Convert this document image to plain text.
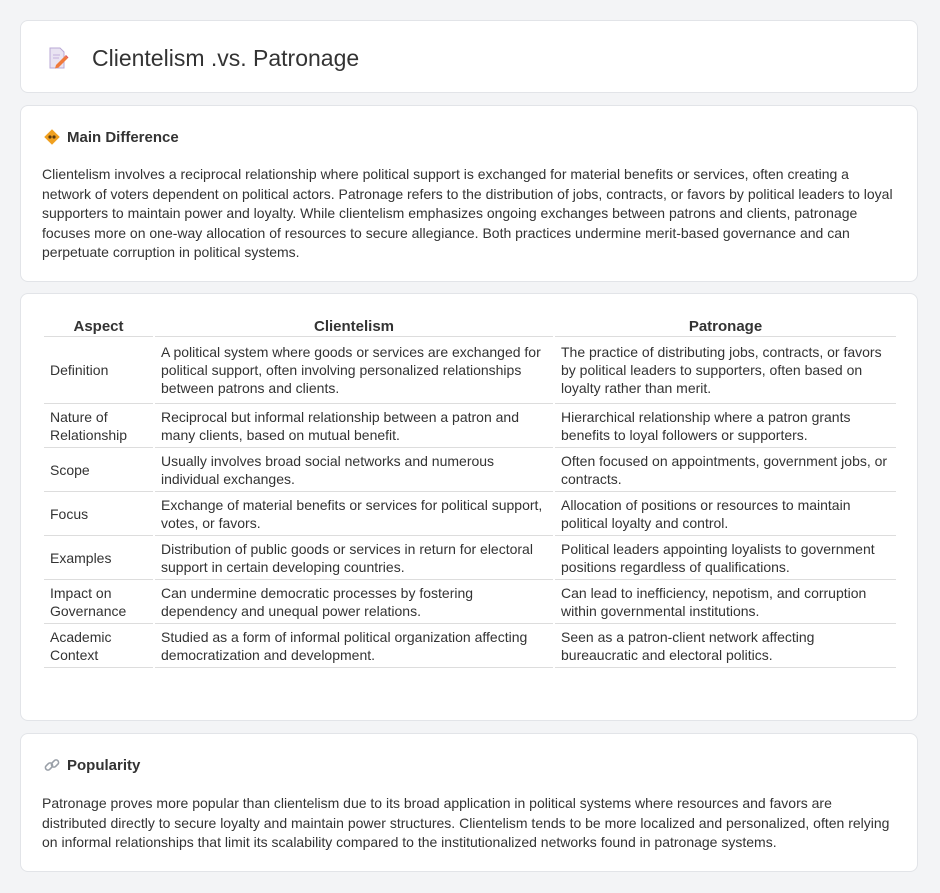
Clientelism .vs. Patronage
Main Difference

Clientelism involves a reciprocal relationship where political support is exchanged for material benefits or services, often creating a network of voters dependent on political actors. Patronage refers to the distribution of jobs, contracts, or favors by political leaders to loyal supporters to maintain power and loyalty. While clientelism emphasizes ongoing exchanges between patrons and clients, patronage focuses more on one-way allocation of resources to secure allegiance. Both practices undermine merit-based governance and can perpetuate corruption in political systems.

Aspect	Clientelism	Patronage
Definition	A political system where goods or services are exchanged for political support, often involving personalized relationships between patrons and clients.	The practice of distributing jobs, contracts, or favors by political leaders to supporters, often based on loyalty rather than merit.
Nature of Relationship	Reciprocal but informal relationship between a patron and many clients, based on mutual benefit.	Hierarchical relationship where a patron grants benefits to loyal followers or supporters.
Scope	Usually involves broad social networks and numerous individual exchanges.	Often focused on appointments, government jobs, or contracts.
Focus	Exchange of material benefits or services for political support, votes, or favors.	Allocation of positions or resources to maintain political loyalty and control.
Examples	Distribution of public goods or services in return for electoral support in certain developing countries.	Political leaders appointing loyalists to government positions regardless of qualifications.
Impact on Governance	Can undermine democratic processes by fostering dependency and unequal power relations.	Can lead to inefficiency, nepotism, and corruption within governmental institutions.
Academic Context	Studied as a form of informal political organization affecting democratization and development.	Seen as a patron-client network affecting bureaucratic and electoral politics.
Popularity

Patronage proves more popular than clientelism due to its broad application in political systems where resources and favors are distributed directly to secure loyalty and maintain power structures. Clientelism tends to be more localized and personalized, often relying on informal relationships that limit its scalability compared to the institutionalized networks found in patronage systems.
